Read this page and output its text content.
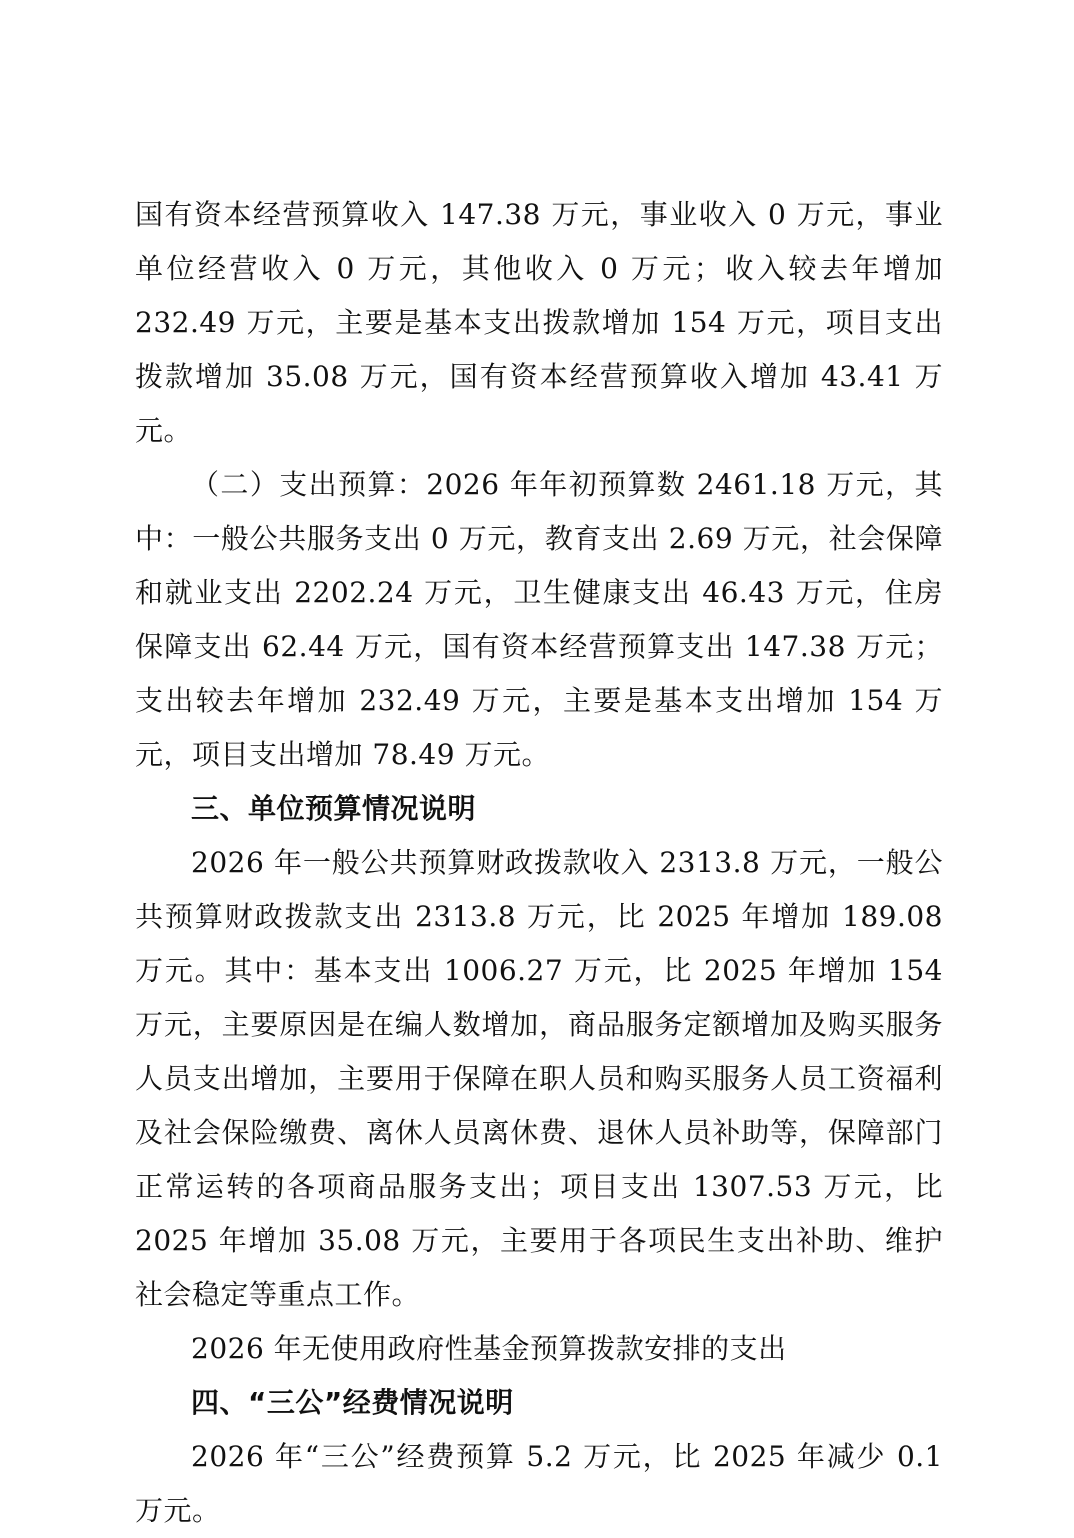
国有资本经营预算收入 147.38 万元，事业收入 0 万元，事业单位经营收入 0 万元，其他收入 0 万元；收入较去年增加 232.49 万元，主要是基本支出拨款增加 154 万元，项目支出拨款增加 35.08 万元，国有资本经营预算收入增加 43.41 万元。

（二）支出预算：2026 年年初预算数 2461.18 万元，其中：一般公共服务支出 0 万元，教育支出 2.69 万元，社会保障和就业支出 2202.24 万元，卫生健康支出 46.43 万元，住房保障支出 62.44 万元，国有资本经营预算支出 147.38 万元；支出较去年增加 232.49 万元，主要是基本支出增加 154 万元，项目支出增加 78.49 万元。

三、单位预算情况说明

2026 年一般公共预算财政拨款收入 2313.8 万元，一般公共预算财政拨款支出 2313.8 万元，比 2025 年增加 189.08 万元。其中：基本支出 1006.27 万元，比 2025 年增加 154 万元，主要原因是在编人数增加，商品服务定额增加及购买服务人员支出增加，主要用于保障在职人员和购买服务人员工资福利及社会保险缴费、离休人员离休费、退休人员补助等，保障部门正常运转的各项商品服务支出；项目支出 1307.53 万元，比 2025 年增加 35.08 万元，主要用于各项民生支出补助、维护社会稳定等重点工作。

2026 年无使用政府性基金预算拨款安排的支出

四、“三公”经费情况说明

2026 年“三公”经费预算 5.2 万元，比 2025 年减少 0.1 万元。
